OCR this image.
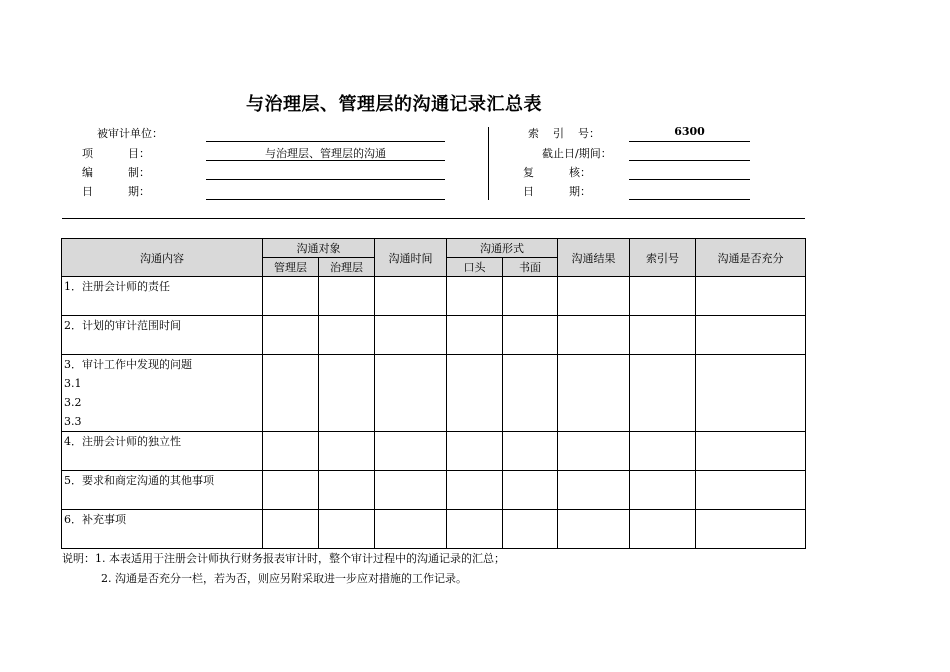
与治理层、管理层的沟通记录汇总表
被审计单位：
项          目：	与治理层、管理层的沟通
编          制：
日          期：
索    引    号：	6300
截止日/期间：
复          核：
日          期：
沟通内容	沟通对象		沟通时间	沟通形式		沟通结果	索引号	沟通是否充分
	管理层	治理层		口头	书面			

1．注册会计师的责任								

2．计划的审计范围时间								

3．审计工作中发现的问题
3.1
3.2
3.3								

4．注册会计师的独立性								

5．要求和商定沟通的其他事项								

6．补充事项								

说明：1. 本表适用于注册会计师执行财务报表审计时，整个审计过程中的沟通记录的汇总；
2. 沟通是否充分一栏，若为否，则应另附采取进一步应对措施的工作记录。
